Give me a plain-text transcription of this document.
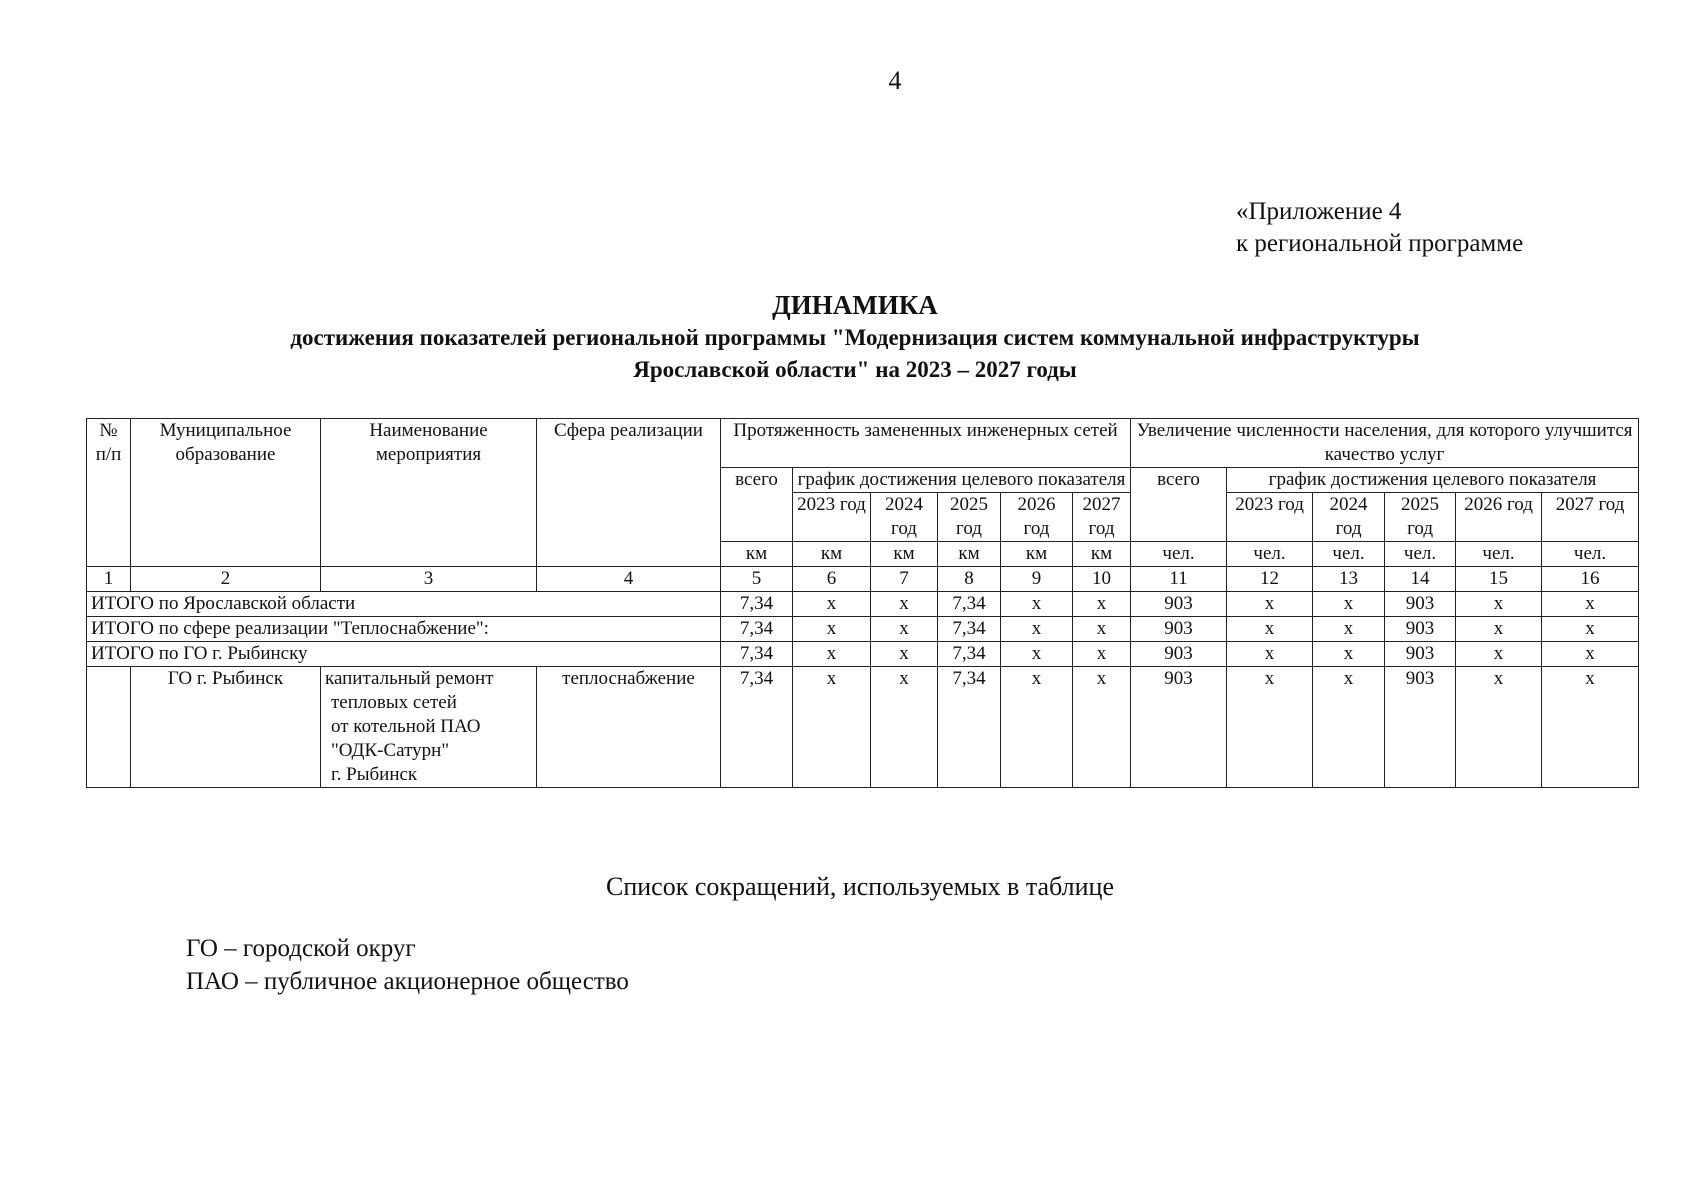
4
«Приложение 4
к региональной программе
ДИНАМИКА
достижения показателей региональной программы "Модернизация систем коммунальной инфраструктуры
Ярославской области" на 2023 – 2027 годы
№ п/п	Муниципальное образование	Наименование мероприятия	Сфера реализации	Протяженность замененных инженерных сетей						Увеличение численности населения, для которого улучшится качество услуг					
				всего	график достижения целевого показателя					всего	график достижения целевого показателя				
					2023 год	2024 год	2025 год	2026 год	2027 год		2023 год	2024 год	2025 год	2026 год	2027 год
				км	км	км	км	км	км	чел.	чел.	чел.	чел.	чел.	чел.
1	2	3	4	5	6	7	8	9	10	11	12	13	14	15	16
ИТОГО по Ярославской области				7,34	x	x	7,34	x	x	903	x	x	903	x	x
ИТОГО по сфере реализации "Теплоснабжение":				7,34	x	x	7,34	x	x	903	x	x	903	x	x
ИТОГО по ГО г. Рыбинску				7,34	x	x	7,34	x	x	903	x	x	903	x	x
	ГО г. Рыбинск	капитальный ремонт
тепловых сетей
от котельной ПАО
"ОДК-Сатурн"
г. Рыбинск	теплоснабжение	7,34	x	x	7,34	x	x	903	x	x	903	x	x
Список сокращений, используемых в таблице
ГО – городской округ
ПАО – публичное акционерное общество
